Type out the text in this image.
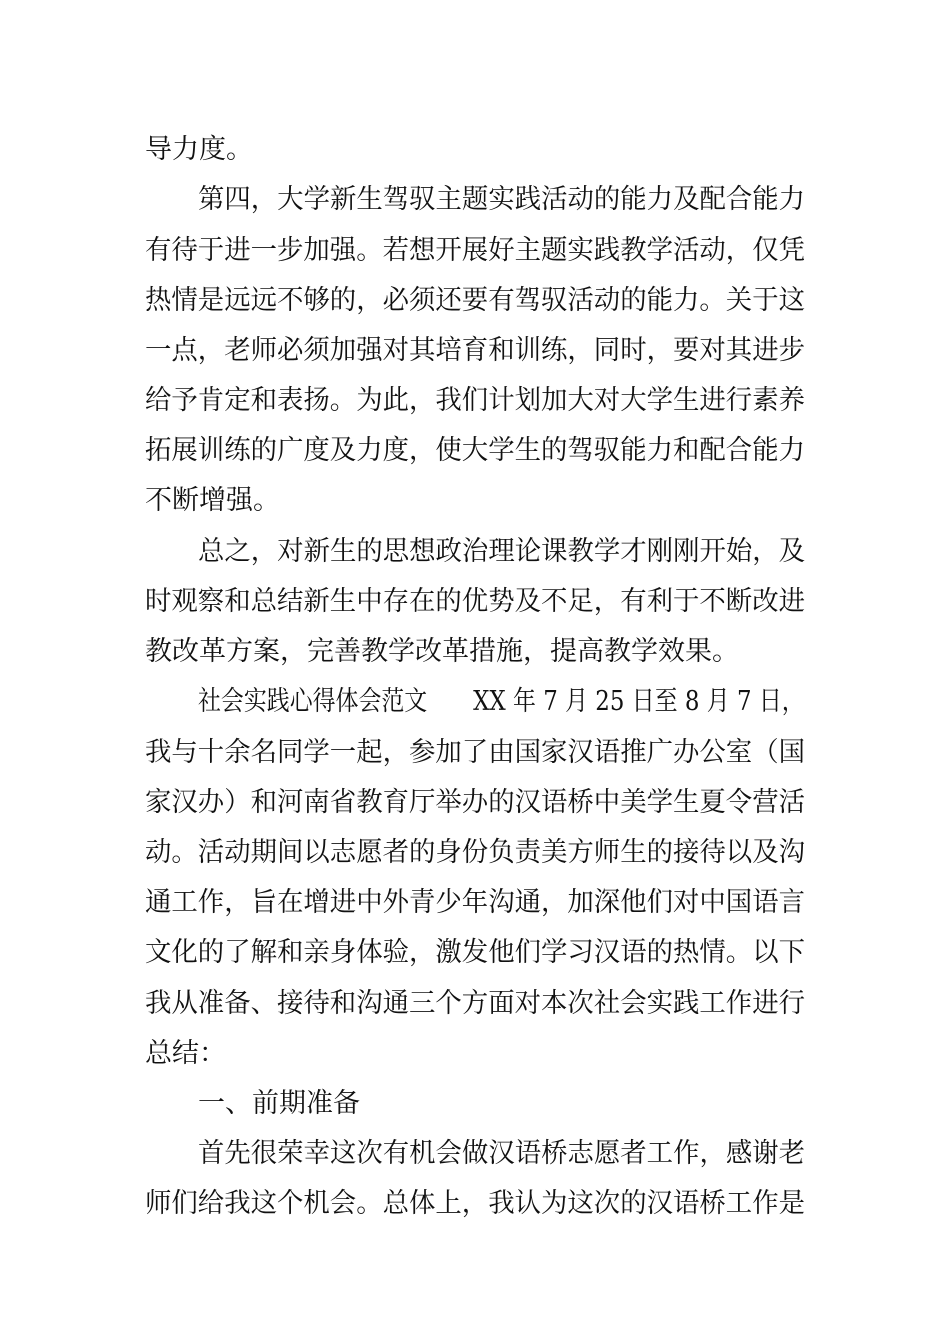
导力度。
第四，大学新生驾驭主题实践活动的能力及配合能力
有待于进一步加强。若想开展好主题实践教学活动，仅凭
热情是远远不够的，必须还要有驾驭活动的能力。关于这
一点，老师必须加强对其培育和训练，同时，要对其进步
给予肯定和表扬。为此，我们计划加大对大学生进行素养
拓展训练的广度及力度，使大学生的驾驭能力和配合能力
不断增强。
总之，对新生的思想政治理论课教学才刚刚开始，及
时观察和总结新生中存在的优势及不足，有利于不断改进
教改革方案，完善教学改革措施，提高教学效果。
社会实践心得体会范文　　XX 年 7 月 25 日至 8 月 7 日，
我与十余名同学一起，参加了由国家汉语推广办公室（国
家汉办）和河南省教育厅举办的汉语桥中美学生夏令营活
动。活动期间以志愿者的身份负责美方师生的接待以及沟
通工作，旨在增进中外青少年沟通，加深他们对中国语言
文化的了解和亲身体验，激发他们学习汉语的热情。以下
我从准备、接待和沟通三个方面对本次社会实践工作进行
总结：
一、前期准备
首先很荣幸这次有机会做汉语桥志愿者工作，感谢老
师们给我这个机会。总体上，我认为这次的汉语桥工作是
